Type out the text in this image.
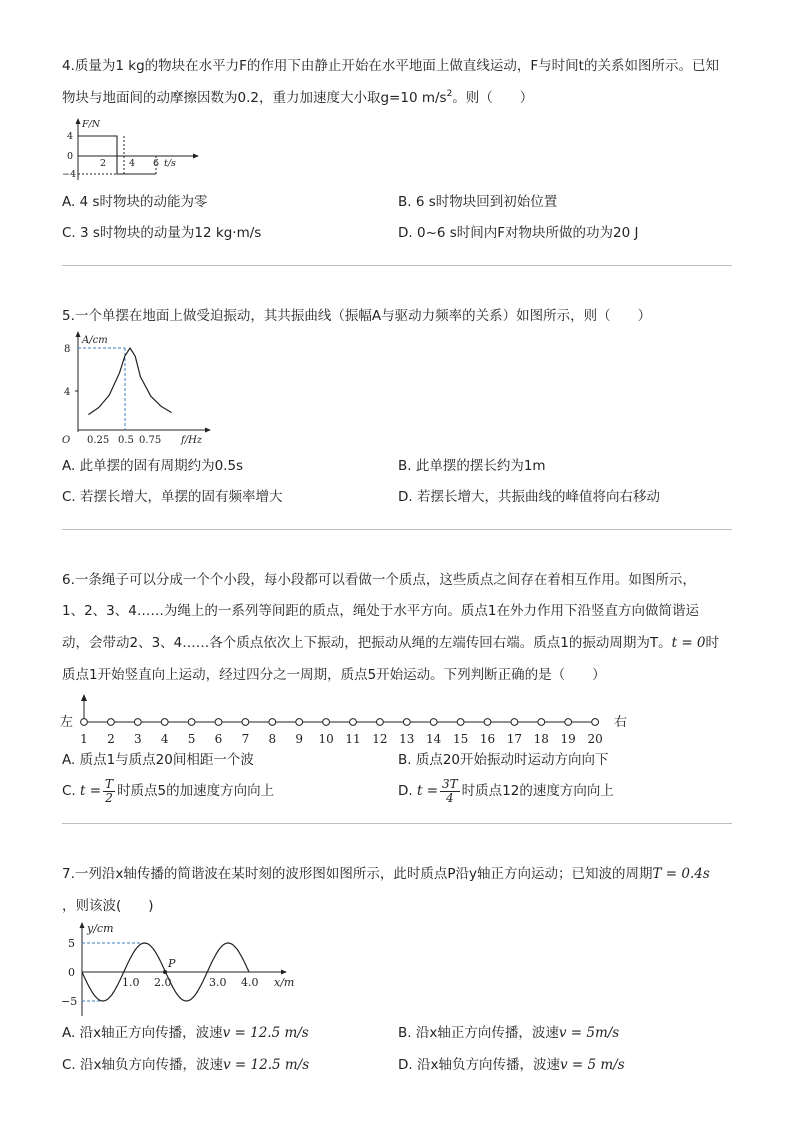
4.质量为1 kg的物块在水平力F的作用下由静止开始在水平地面上做直线运动，F与时间t的关系如图所示。已知
物块与地面间的动摩擦因数为0.2，重力加速度大小取g=10 $m/s^2$。则（　　）
F/N
4
0
−4
2 4 6 t/s
A. 4 s时物块的动能为零	B. 6 s时物块回到初始位置
C. 3 s时物块的动量为12 kg·m/s	D. 0~6 s时间内F对物块所做的功为20 J
5.一个单摆在地面上做受迫振动，其共振曲线（振幅A与驱动力频率的关系）如图所示，则（　　）
A/cm
8
4
O 0.25 0.5 0.75 f/Hz
A. 此单摆的固有周期约为0.5s	B. 此单摆的摆长约为1m
C. 若摆长增大，单摆的固有频率增大	D. 若摆长增大，共振曲线的峰值将向右移动
6.一条绳子可以分成一个个小段，每小段都可以看做一个质点，这些质点之间存在着相互作用。如图所示，
1、2、3、4……为绳上的一系列等间距的质点，绳处于水平方向。质点1在外力作用下沿竖直方向做简谐运
动，会带动2、3、4……各个质点依次上下振动，把振动从绳的左端传回右端。质点1的振动周期为T。t = 0时
质点1开始竖直向上运动，经过四分之一周期，质点5开始运动。下列判断正确的是（　　）
左	右
1 2 3 4 5 6 7 8 9 10 11 12 13 14 15 16 17 18 19 20
A. 质点1与质点20间相距一个波	B. 质点20开始振动时运动方向向下
C. $t = \frac{T}{2}$ 时质点5的加速度方向向上	D. $t = \frac{3T}{4}$ 时质点12的速度方向向上
7.一列沿x轴传播的简谐波在某时刻的波形图如图所示，此时质点P沿y轴正方向运动；已知波的周期T = 0.4s
，则该波(　　)
P
y/cm
5
0
−5
1.0 2.0	3.0 4.0 x/m
A. 沿x轴正方向传播，波速v = 12.5 m/s	B. 沿x轴正方向传播，波速v = 5m/s
C. 沿x轴负方向传播，波速v = 12.5 m/s	D. 沿x轴负方向传播，波速v = 5 m/s
